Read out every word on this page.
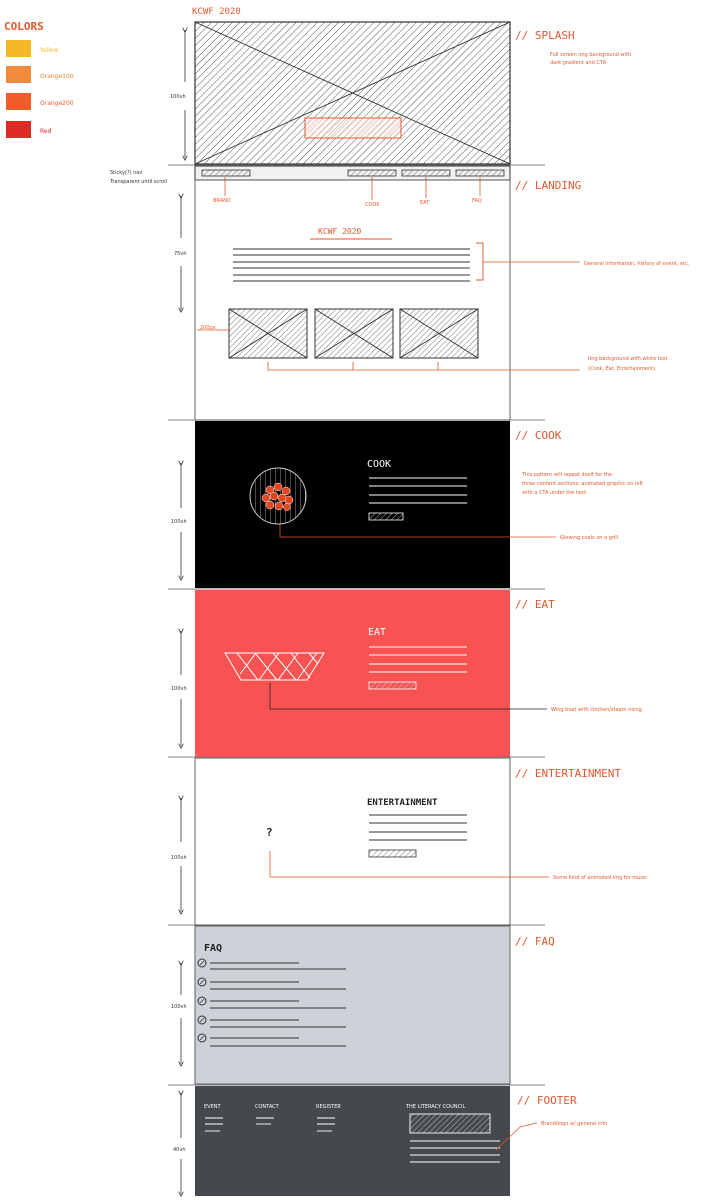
COLORS
Yellow
Orange100
Orange200
Red
KCWF 2020
// SPLASH
Full screen img background with
dark gradient and CTA
100vh
Sticky(?) nav
Transparent until scroll
BRAND
COOK	EAT	FAQ
// LANDING
KCWF 2020
General information, history of event, etc.
Img background with white text
(Cook, Eat, Entertainment).
200px
75vh
// COOK
COOK
This pattern will repeat itself for the
three content sections: animated graphic on left
with a CTA under the text.
Glowing coals on a grill
100vh
// EAT
EAT
Wing boat with chicken/steam rising
100vh
// ENTERTAINMENT
?
ENTERTAINMENT
Some kind of animated img for music
100vh
// FAQ
FAQ
100vh
// FOOTER
EVENT	CONTACT	REGISTER	THE LITERACY COUNCIL
Brand/logo w/ general info
40vh
